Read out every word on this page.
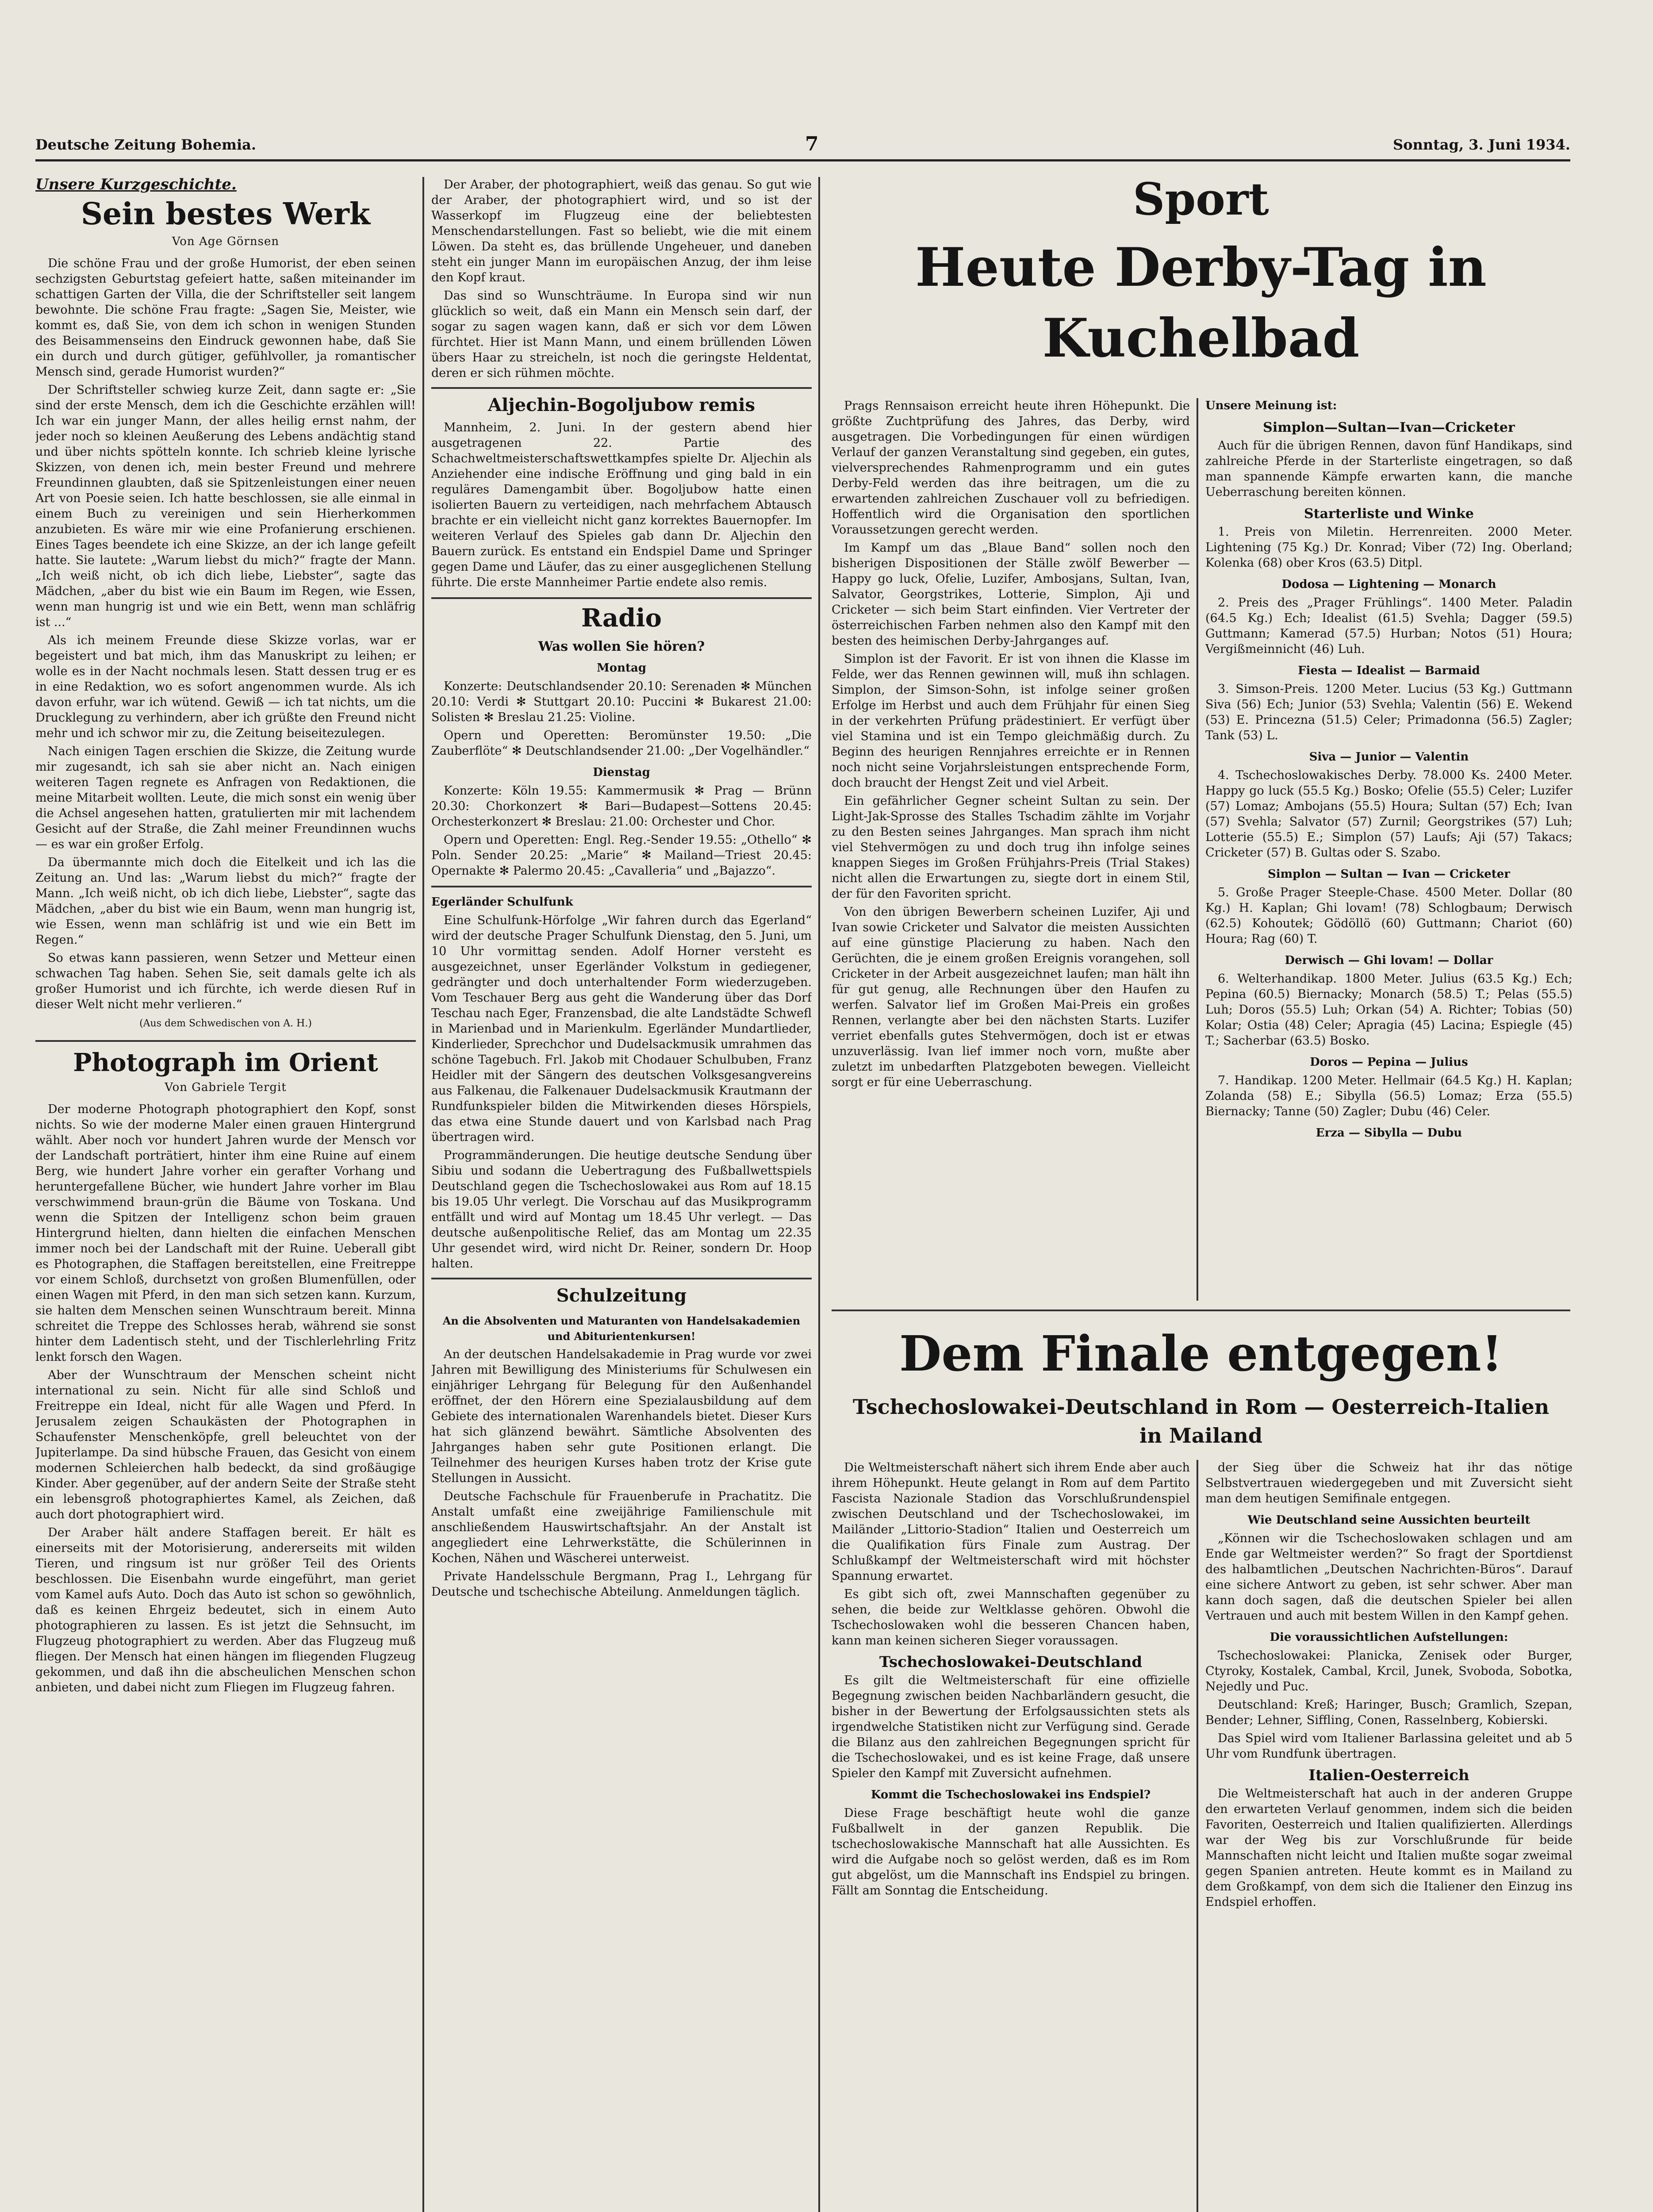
Deutsche Zeitung Bohemia.	7	Sonntag, 3. Juni 1934.
Unsere Kurzgeschichte.
Sein bestes Werk
Von Age Görnsen

Die schöne Frau und der große Humorist, der eben seinen sechzigsten Geburtstag gefeiert hatte, saßen miteinander im schattigen Garten der Villa, die der Schriftsteller seit langem bewohnte. Die schöne Frau fragte: „Sagen Sie, Meister, wie kommt es, daß Sie, von dem ich schon in wenigen Stunden des Beisammenseins den Eindruck gewonnen habe, daß Sie ein durch und durch gütiger, gefühlvoller, ja romantischer Mensch sind, gerade Humorist wurden?“

Der Schriftsteller schwieg kurze Zeit, dann sagte er: „Sie sind der erste Mensch, dem ich die Geschichte erzählen will! Ich war ein junger Mann, der alles heilig ernst nahm, der jeder noch so kleinen Aeußerung des Lebens andächtig stand und über nichts spötteln konnte. Ich schrieb kleine lyrische Skizzen, von denen ich, mein bester Freund und mehrere Freundinnen glaubten, daß sie Spitzenleistungen einer neuen Art von Poesie seien. Ich hatte beschlossen, sie alle einmal in einem Buch zu vereinigen und sein Hierherkommen anzubieten. Es wäre mir wie eine Profanierung erschienen. Eines Tages beendete ich eine Skizze, an der ich lange gefeilt hatte. Sie lautete: „Warum liebst du mich?“ fragte der Mann. „Ich weiß nicht, ob ich dich liebe, Liebster“, sagte das Mädchen, „aber du bist wie ein Baum im Regen, wie Essen, wenn man hungrig ist und wie ein Bett, wenn man schläfrig ist ...“

Als ich meinem Freunde diese Skizze vorlas, war er begeistert und bat mich, ihm das Manuskript zu leihen; er wolle es in der Nacht nochmals lesen. Statt dessen trug er es in eine Redaktion, wo es sofort angenommen wurde. Als ich davon erfuhr, war ich wütend. Gewiß — ich tat nichts, um die Drucklegung zu verhindern, aber ich grüßte den Freund nicht mehr und ich schwor mir zu, die Zeitung beiseitezulegen.

Nach einigen Tagen erschien die Skizze, die Zeitung wurde mir zugesandt, ich sah sie aber nicht an. Nach einigen weiteren Tagen regnete es Anfragen von Redaktionen, die meine Mitarbeit wollten. Leute, die mich sonst ein wenig über die Achsel angesehen hatten, gratulierten mir mit lachendem Gesicht auf der Straße, die Zahl meiner Freundinnen wuchs — es war ein großer Erfolg.

Da übermannte mich doch die Eitelkeit und ich las die Zeitung an. Und las: „Warum liebst du mich?“ fragte der Mann. „Ich weiß nicht, ob ich dich liebe, Liebster“, sagte das Mädchen, „aber du bist wie ein Baum, wenn man hungrig ist, wie Essen, wenn man schläfrig ist und wie ein Bett im Regen.“

So etwas kann passieren, wenn Setzer und Metteur einen schwachen Tag haben. Sehen Sie, seit damals gelte ich als großer Humorist und ich fürchte, ich werde diesen Ruf in dieser Welt nicht mehr verlieren.“

(Aus dem Schwedischen von A. H.)
Photograph im Orient
Von Gabriele Tergit

Der moderne Photograph photographiert den Kopf, sonst nichts. So wie der moderne Maler einen grauen Hintergrund wählt. Aber noch vor hundert Jahren wurde der Mensch vor der Landschaft porträtiert, hinter ihm eine Ruine auf einem Berg, wie hundert Jahre vorher ein gerafter Vorhang und heruntergefallene Bücher, wie hundert Jahre vorher im Blau verschwimmend braun-grün die Bäume von Toskana. Und wenn die Spitzen der Intelligenz schon beim grauen Hintergrund hielten, dann hielten die einfachen Menschen immer noch bei der Landschaft mit der Ruine. Ueberall gibt es Photographen, die Staffagen bereitstellen, eine Freitreppe vor einem Schloß, durchsetzt von großen Blumenfüllen, oder einen Wagen mit Pferd, in den man sich setzen kann. Kurzum, sie halten dem Menschen seinen Wunschtraum bereit. Minna schreitet die Treppe des Schlosses herab, während sie sonst hinter dem Ladentisch steht, und der Tischlerlehrling Fritz lenkt forsch den Wagen.

Aber der Wunschtraum der Menschen scheint nicht international zu sein. Nicht für alle sind Schloß und Freitreppe ein Ideal, nicht für alle Wagen und Pferd. In Jerusalem zeigen Schaukästen der Photographen in Schaufenster Menschenköpfe, grell beleuchtet von der Jupiterlampe. Da sind hübsche Frauen, das Gesicht von einem modernen Schleierchen halb bedeckt, da sind großäugige Kinder. Aber gegenüber, auf der andern Seite der Straße steht ein lebensgroß photographiertes Kamel, als Zeichen, daß auch dort photographiert wird.

Der Araber hält andere Staffagen bereit. Er hält es einerseits mit der Motorisierung, andererseits mit wilden Tieren, und ringsum ist nur größer Teil des Orients beschlossen. Die Eisenbahn wurde eingeführt, man geriet vom Kamel aufs Auto. Doch das Auto ist schon so gewöhnlich, daß es keinen Ehrgeiz bedeutet, sich in einem Auto photographieren zu lassen. Es ist jetzt die Sehnsucht, im Flugzeug photographiert zu werden. Aber das Flugzeug muß fliegen. Der Mensch hat einen hängen im fliegenden Flugzeug gekommen, und daß ihn die abscheulichen Menschen schon anbieten, und dabei nicht zum Fliegen im Flugzeug fahren.

Der Araber, der photographiert, weiß das genau. So gut wie der Araber, der photographiert wird, und so ist der Wasserkopf im Flugzeug eine der beliebtesten Menschendarstellungen. Fast so beliebt, wie die mit einem Löwen. Da steht es, das brüllende Ungeheuer, und daneben steht ein junger Mann im europäischen Anzug, der ihm leise den Kopf kraut.

Das sind so Wunschträume. In Europa sind wir nun glücklich so weit, daß ein Mann ein Mensch sein darf, der sogar zu sagen wagen kann, daß er sich vor dem Löwen fürchtet. Hier ist Mann Mann, und einem brüllenden Löwen übers Haar zu streicheln, ist noch die geringste Heldentat, deren er sich rühmen möchte.

Aljechin-Bogoljubow remis

Mannheim, 2. Juni. In der gestern abend hier ausgetragenen 22. Partie des Schachweltmeisterschaftswettkampfes spielte Dr. Aljechin als Anziehender eine indische Eröffnung und ging bald in ein reguläres Damengambit über. Bogoljubow hatte einen isolierten Bauern zu verteidigen, nach mehrfachem Abtausch brachte er ein vielleicht nicht ganz korrektes Bauernopfer. Im weiteren Verlauf des Spieles gab dann Dr. Aljechin den Bauern zurück. Es entstand ein Endspiel Dame und Springer gegen Dame und Läufer, das zu einer ausgeglichenen Stellung führte. Die erste Mannheimer Partie endete also remis.

Radio
Was wollen Sie hören?
Montag

Konzerte: Deutschlandsender 20.10: Serenaden ✻ München 20.10: Verdi ✻ Stuttgart 20.10: Puccini ✻ Bukarest 21.00: Solisten ✻ Breslau 21.25: Violine.

Opern und Operetten: Beromünster 19.50: „Die Zauberflöte“ ✻ Deutschlandsender 21.00: „Der Vogelhändler.“

Dienstag

Konzerte: Köln 19.55: Kammermusik ✻ Prag — Brünn 20.30: Chorkonzert ✻ Bari—Budapest—Sottens 20.45: Orchesterkonzert ✻ Breslau: 21.00: Orchester und Chor.

Opern und Operetten: Engl. Reg.-Sender 19.55: „Othello“ ✻ Poln. Sender 20.25: „Marie“ ✻ Mailand—Triest 20.45: Opernakte ✻ Palermo 20.45: „Cavalleria“ und „Bajazzo“.

Egerländer Schulfunk

Eine Schulfunk-Hörfolge „Wir fahren durch das Egerland“ wird der deutsche Prager Schulfunk Dienstag, den 5. Juni, um 10 Uhr vormittag senden. Adolf Horner versteht es ausgezeichnet, unser Egerländer Volkstum in gediegener, gedrängter und doch unterhaltender Form wiederzugeben. Vom Teschauer Berg aus geht die Wanderung über das Dorf Teschau nach Eger, Franzensbad, die alte Landstädte Schwefl in Marienbad und in Marienkulm. Egerländer Mundartlieder, Kinderlieder, Sprechchor und Dudelsackmusik umrahmen das schöne Tagebuch. Frl. Jakob mit Chodauer Schulbuben, Franz Heidler mit der Sängern des deutschen Volksgesangvereins aus Falkenau, die Falkenauer Dudelsackmusik Krautmann der Rundfunkspieler bilden die Mitwirkenden dieses Hörspiels, das etwa eine Stunde dauert und von Karlsbad nach Prag übertragen wird.

Programmänderungen. Die heutige deutsche Sendung über Sibiu und sodann die Uebertragung des Fußballwettspiels Deutschland gegen die Tschechoslowakei aus Rom auf 18.15 bis 19.05 Uhr verlegt. Die Vorschau auf das Musikprogramm entfällt und wird auf Montag um 18.45 Uhr verlegt. — Das deutsche außenpolitische Relief, das am Montag um 22.35 Uhr gesendet wird, wird nicht Dr. Reiner, sondern Dr. Hoop halten.

Schulzeitung
An die Absolventen und Maturanten von Handelsakademien und Abiturientenkursen!

An der deutschen Handelsakademie in Prag wurde vor zwei Jahren mit Bewilligung des Ministeriums für Schulwesen ein einjähriger Lehrgang für Belegung für den Außenhandel eröffnet, der den Hörern eine Spezialausbildung auf dem Gebiete des internationalen Warenhandels bietet. Dieser Kurs hat sich glänzend bewährt. Sämtliche Absolventen des Jahrganges haben sehr gute Positionen erlangt. Die Teilnehmer des heurigen Kurses haben trotz der Krise gute Stellungen in Aussicht.

Deutsche Fachschule für Frauenberufe in Prachatitz. Die Anstalt umfaßt eine zweijährige Familienschule mit anschließendem Hauswirtschaftsjahr. An der Anstalt ist angegliedert eine Lehrwerkstätte, die Schülerinnen in Kochen, Nähen und Wäscherei unterweist.

Private Handelsschule Bergmann, Prag I., Lehrgang für Deutsche und tschechische Abteilung. Anmeldungen täglich.

Sport
Heute Derby-Tag in
Kuchelbad

Prags Rennsaison erreicht heute ihren Höhepunkt. Die größte Zuchtprüfung des Jahres, das Derby, wird ausgetragen. Die Vorbedingungen für einen würdigen Verlauf der ganzen Veranstaltung sind gegeben, ein gutes, vielversprechendes Rahmenprogramm und ein gutes Derby-Feld werden das ihre beitragen, um die zu erwartenden zahlreichen Zuschauer voll zu befriedigen. Hoffentlich wird die Organisation den sportlichen Voraussetzungen gerecht werden.

Im Kampf um das „Blaue Band“ sollen noch den bisherigen Dispositionen der Ställe zwölf Bewerber — Happy go luck, Ofelie, Luzifer, Ambosjans, Sultan, Ivan, Salvator, Georgstrikes, Lotterie, Simplon, Aji und Cricketer — sich beim Start einfinden. Vier Vertreter der österreichischen Farben nehmen also den Kampf mit den besten des heimischen Derby-Jahrganges auf.

Simplon ist der Favorit. Er ist von ihnen die Klasse im Felde, wer das Rennen gewinnen will, muß ihn schlagen. Simplon, der Simson-Sohn, ist infolge seiner großen Erfolge im Herbst und auch dem Frühjahr für einen Sieg in der verkehrten Prüfung prädestiniert. Er verfügt über viel Stamina und ist ein Tempo gleichmäßig durch. Zu Beginn des heurigen Rennjahres erreichte er in Rennen noch nicht seine Vorjahrsleistungen entsprechende Form, doch braucht der Hengst Zeit und viel Arbeit.

Ein gefährlicher Gegner scheint Sultan zu sein. Der Light-Jak-Sprosse des Stalles Tschadim zählte im Vorjahr zu den Besten seines Jahrganges. Man sprach ihm nicht viel Stehvermögen zu und doch trug ihn infolge seines knappen Sieges im Großen Frühjahrs-Preis (Trial Stakes) nicht allen die Erwartungen zu, siegte dort in einem Stil, der für den Favoriten spricht.

Von den übrigen Bewerbern scheinen Luzifer, Aji und Ivan sowie Cricketer und Salvator die meisten Aussichten auf eine günstige Placierung zu haben. Nach den Gerüchten, die je einem großen Ereignis vorangehen, soll Cricketer in der Arbeit ausgezeichnet laufen; man hält ihn für gut genug, alle Rechnungen über den Haufen zu werfen. Salvator lief im Großen Mai-Preis ein großes Rennen, verlangte aber bei den nächsten Starts. Luzifer verriet ebenfalls gutes Stehvermögen, doch ist er etwas unzuverlässig. Ivan lief immer noch vorn, mußte aber zuletzt im unbedarften Platzgeboten bewegen. Vielleicht sorgt er für eine Ueberraschung.

Unsere Meinung ist:
Simplon—Sultan—Ivan—Cricketer

Auch für die übrigen Rennen, davon fünf Handikaps, sind zahlreiche Pferde in der Starterliste eingetragen, so daß man spannende Kämpfe erwarten kann, die manche Ueberraschung bereiten können.

Starterliste und Winke

1. Preis von Miletin. Herrenreiten. 2000 Meter. Lightening (75 Kg.) Dr. Konrad; Viber (72) Ing. Oberland; Kolenka (68) ober Kros (63.5) Ditpl.

Dodosa — Lightening — Monarch

2. Preis des „Prager Frühlings“. 1400 Meter. Paladin (64.5 Kg.) Ech; Idealist (61.5) Svehla; Dagger (59.5) Guttmann; Kamerad (57.5) Hurban; Notos (51) Houra; Vergißmeinnicht (46) Luh.

Fiesta — Idealist — Barmaid

3. Simson-Preis. 1200 Meter. Lucius (53 Kg.) Guttmann Siva (56) Ech; Junior (53) Svehla; Valentin (56) E. Wekend (53) E. Princezna (51.5) Celer; Primadonna (56.5) Zagler; Tank (53) L.

Siva — Junior — Valentin

4. Tschechoslowakisches Derby. 78.000 Ks. 2400 Meter. Happy go luck (55.5 Kg.) Bosko; Ofelie (55.5) Celer; Luzifer (57) Lomaz; Ambojans (55.5) Houra; Sultan (57) Ech; Ivan (57) Svehla; Salvator (57) Zurnil; Georgstrikes (57) Luh; Lotterie (55.5) E.; Simplon (57) Laufs; Aji (57) Takacs; Cricketer (57) B. Gultas oder S. Szabo.

Simplon — Sultan — Ivan — Cricketer

5. Große Prager Steeple-Chase. 4500 Meter. Dollar (80 Kg.) H. Kaplan; Ghi lovam! (78) Schlogbaum; Derwisch (62.5) Kohoutek; Gödöllö (60) Guttmann; Chariot (60) Houra; Rag (60) T.

Derwisch — Ghi lovam! — Dollar

6. Welterhandikap. 1800 Meter. Julius (63.5 Kg.) Ech; Pepina (60.5) Biernacky; Monarch (58.5) T.; Pelas (55.5) Luh; Doros (55.5) Luh; Orkan (54) A. Richter; Tobias (50) Kolar; Ostia (48) Celer; Apragia (45) Lacina; Espiegle (45) T.; Sacherbar (63.5) Bosko.

Doros — Pepina — Julius

7. Handikap. 1200 Meter. Hellmair (64.5 Kg.) H. Kaplan; Zolanda (58) E.; Sibylla (56.5) Lomaz; Erza (55.5) Biernacky; Tanne (50) Zagler; Dubu (46) Celer.

Erza — Sibylla — Dubu
Dem Finale entgegen!
Tschechoslowakei-Deutschland in Rom — Oesterreich-Italien
in Mailand

Die Weltmeisterschaft nähert sich ihrem Ende aber auch ihrem Höhepunkt. Heute gelangt in Rom auf dem Partito Fascista Nazionale Stadion das Vorschlußrundenspiel zwischen Deutschland und der Tschechoslowakei, im Mailänder „Littorio-Stadion“ Italien und Oesterreich um die Qualifikation fürs Finale zum Austrag. Der Schlußkampf der Weltmeisterschaft wird mit höchster Spannung erwartet.

Es gibt sich oft, zwei Mannschaften gegenüber zu sehen, die beide zur Weltklasse gehören. Obwohl die Tschechoslowaken wohl die besseren Chancen haben, kann man keinen sicheren Sieger voraussagen.

Tschechoslowakei-Deutschland

Es gilt die Weltmeisterschaft für eine offizielle Begegnung zwischen beiden Nachbarländern gesucht, die bisher in der Bewertung der Erfolgsaussichten stets als irgendwelche Statistiken nicht zur Verfügung sind. Gerade die Bilanz aus den zahlreichen Begegnungen spricht für die Tschechoslowakei, und es ist keine Frage, daß unsere Spieler den Kampf mit Zuversicht aufnehmen.

Kommt die Tschechoslowakei ins Endspiel?

Diese Frage beschäftigt heute wohl die ganze Fußballwelt in der ganzen Republik. Die tschechoslowakische Mannschaft hat alle Aussichten. Es wird die Aufgabe noch so gelöst werden, daß es im Rom gut abgelöst, um die Mannschaft ins Endspiel zu bringen. Fällt am Sonntag die Entscheidung.

der Sieg über die Schweiz hat ihr das nötige Selbstvertrauen wiedergegeben und mit Zuversicht sieht man dem heutigen Semifinale entgegen.

Wie Deutschland seine Aussichten beurteilt

„Können wir die Tschechoslowaken schlagen und am Ende gar Weltmeister werden?“ So fragt der Sportdienst des halbamtlichen „Deutschen Nachrichten-Büros“. Darauf eine sichere Antwort zu geben, ist sehr schwer. Aber man kann doch sagen, daß die deutschen Spieler bei allen Vertrauen und auch mit bestem Willen in den Kampf gehen.

Die voraussichtlichen Aufstellungen:

Tschechoslowakei: Planicka, Zenisek oder Burger, Ctyroky, Kostalek, Cambal, Krcil, Junek, Svoboda, Sobotka, Nejedly und Puc.

Deutschland: Kreß; Haringer, Busch; Gramlich, Szepan, Bender; Lehner, Siffling, Conen, Rasselnberg, Kobierski.

Das Spiel wird vom Italiener Barlassina geleitet und ab 5 Uhr vom Rundfunk übertragen.

Italien-Oesterreich

Die Weltmeisterschaft hat auch in der anderen Gruppe den erwarteten Verlauf genommen, indem sich die beiden Favoriten, Oesterreich und Italien qualifizierten. Allerdings war der Weg bis zur Vorschlußrunde für beide Mannschaften nicht leicht und Italien mußte sogar zweimal gegen Spanien antreten. Heute kommt es in Mailand zu dem Großkampf, von dem sich die Italiener den Einzug ins Endspiel erhoffen.
